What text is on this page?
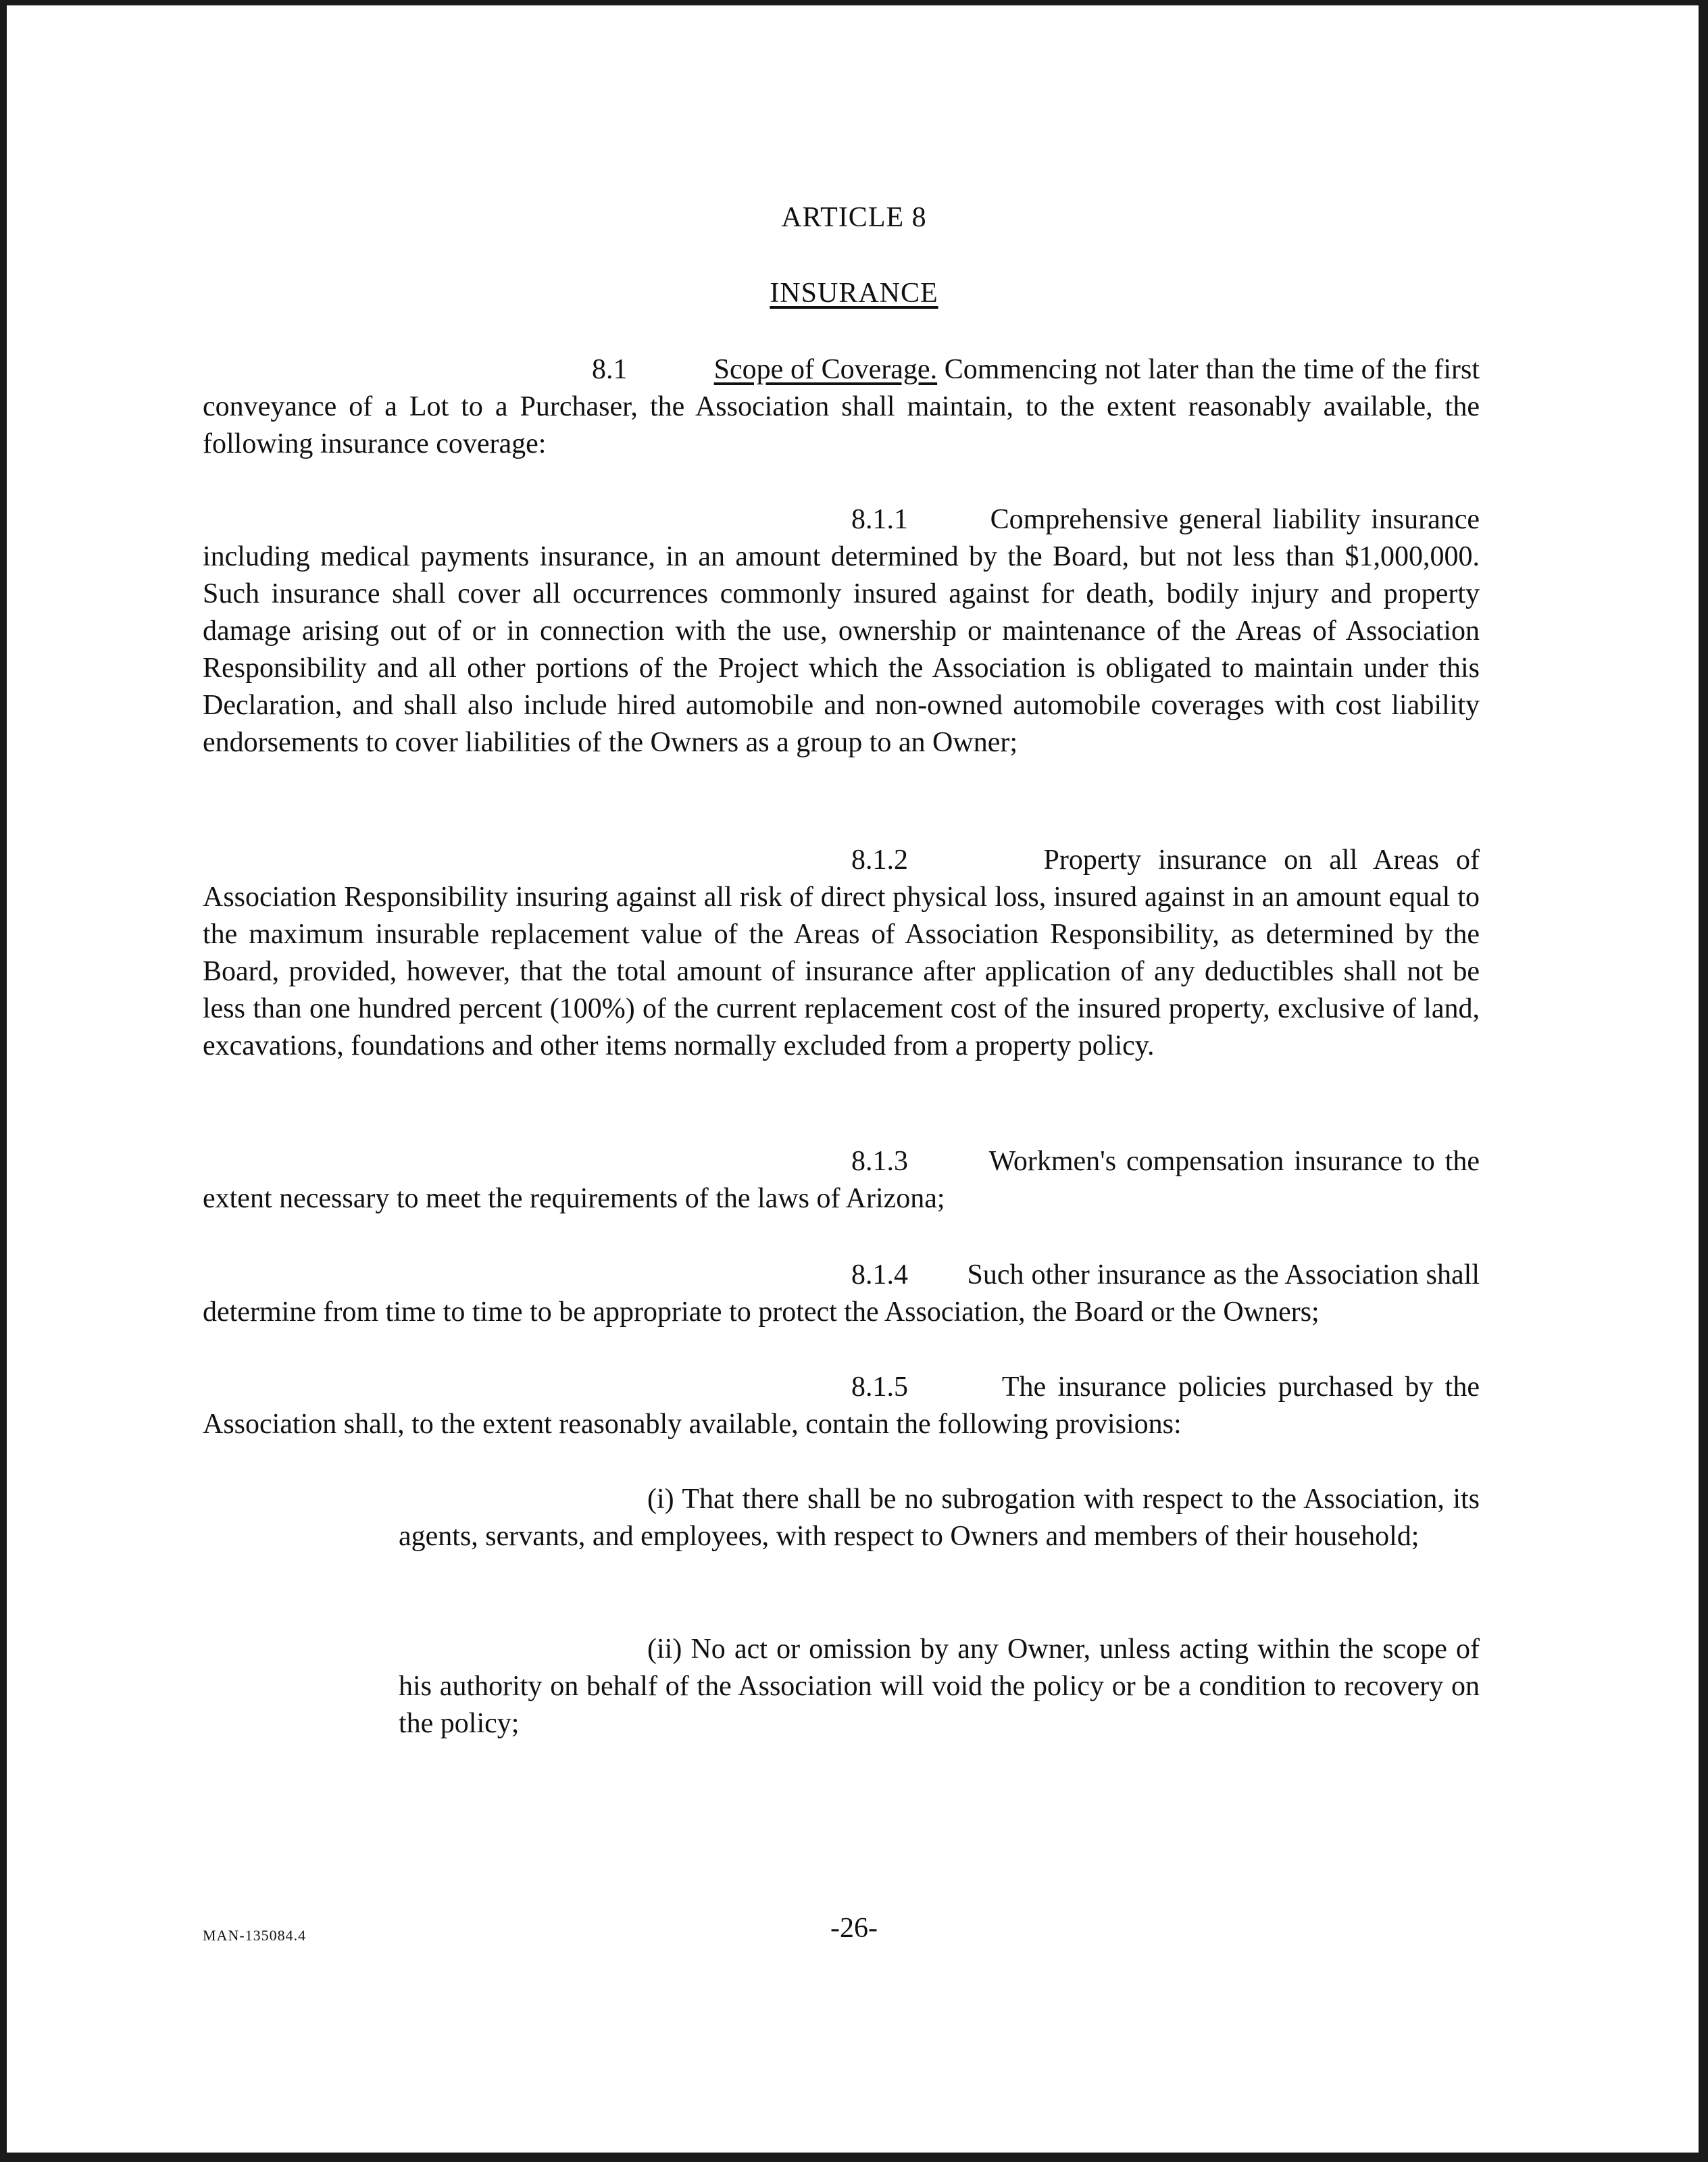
ARTICLE 8
INSURANCE
8.1	Scope of Coverage. Commencing not later than the time of the first conveyance of a Lot to a Purchaser, the Association shall maintain, to the extent reasonably available, the following insurance coverage:
8.1.1	Comprehensive general liability insurance including medical payments insurance, in an amount determined by the Board, but not less than $1,000,000. Such insurance shall cover all occurrences commonly insured against for death, bodily injury and property damage arising out of or in connection with the use, ownership or maintenance of the Areas of Association Responsibility and all other portions of the Project which the Association is obligated to maintain under this Declaration, and shall also include hired automobile and non-owned automobile coverages with cost liability endorsements to cover liabilities of the Owners as a group to an Owner;
8.1.2	Property insurance on all Areas of Association Responsibility insuring against all risk of direct physical loss, insured against in an amount equal to the maximum insurable replacement value of the Areas of Association Responsibility, as determined by the Board, provided, however, that the total amount of insurance after application of any deductibles shall not be less than one hundred percent (100%) of the current replacement cost of the insured property, exclusive of land, excavations, foundations and other items normally excluded from a property policy.
8.1.3	Workmen's compensation insurance to the extent necessary to meet the requirements of the laws of Arizona;
8.1.4 Such other insurance as the Association shall determine from time to time to be appropriate to protect the Association, the Board or the Owners;
8.1.5	The insurance policies purchased by the Association shall, to the extent reasonably available, contain the following provisions:
(i) That there shall be no subrogation with respect to the Association, its agents, servants, and employees, with respect to Owners and members of their household;
(ii) No act or omission by any Owner, unless acting within the scope of his authority on behalf of the Association will void the policy or be a condition to recovery on the policy;
MAN-135084.4	-26-
